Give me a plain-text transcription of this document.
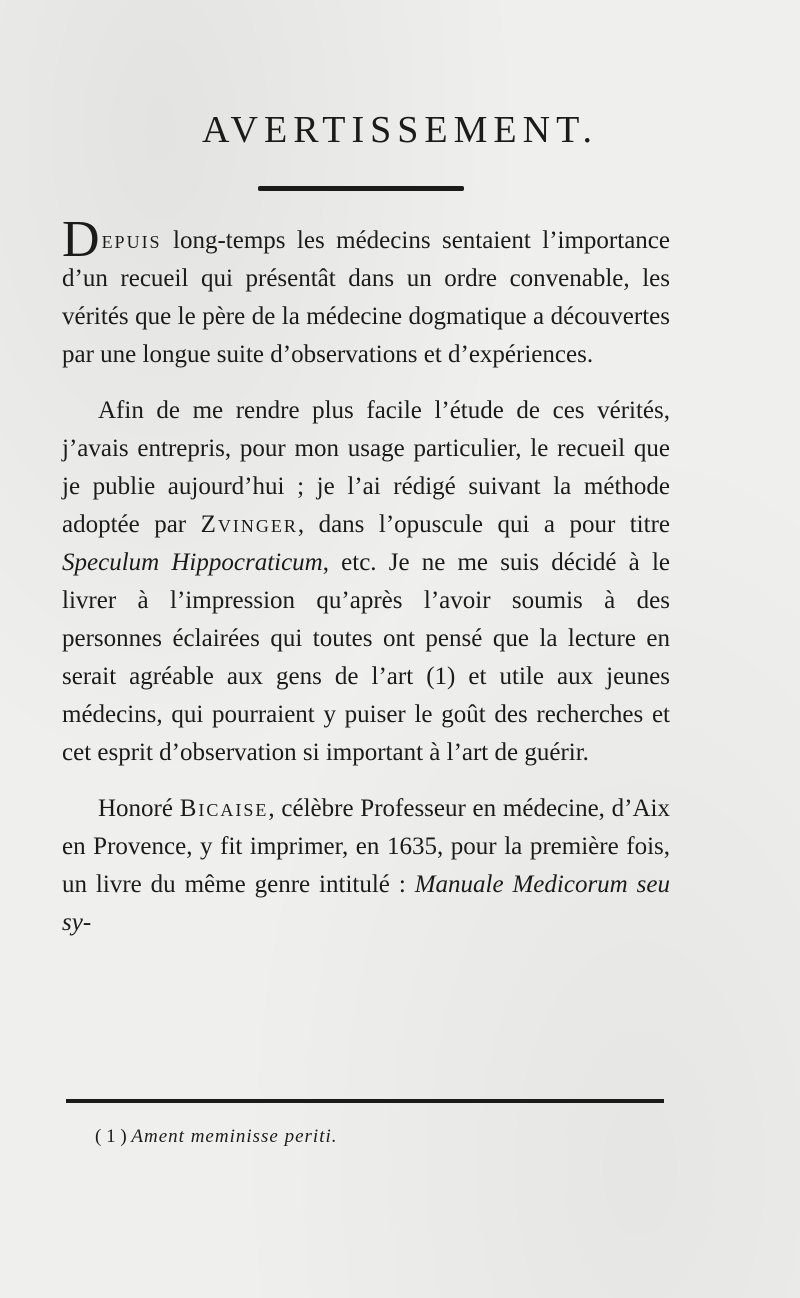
AVERTISSEMENT.

Depuis long-temps les médecins sentaient l’importance d’un recueil qui présentât dans un ordre convenable, les vérités que le père de la médecine dogmatique a découvertes par une longue suite d’observations et d’expériences.

Afin de me rendre plus facile l’étude de ces vérités, j’avais entrepris, pour mon usage particulier, le recueil que je publie aujourd’hui ; je l’ai rédigé suivant la méthode adoptée par Zvinger, dans l’opuscule qui a pour titre Speculum Hippocraticum, etc. Je ne me suis décidé à le livrer à l’impression qu’après l’avoir soumis à des personnes éclairées qui toutes ont pensé que la lecture en serait agréable aux gens de l’art (1) et utile aux jeunes médecins, qui pourraient y puiser le goût des recherches et cet esprit d’observation si important à l’art de guérir.

Honoré Bicaise, célèbre Professeur en médecine, d’Aix en Provence, y fit imprimer, en 1635, pour la première fois, un livre du même genre intitulé : Manuale Medicorum seu sy-

( 1 ) Ament meminisse periti.
